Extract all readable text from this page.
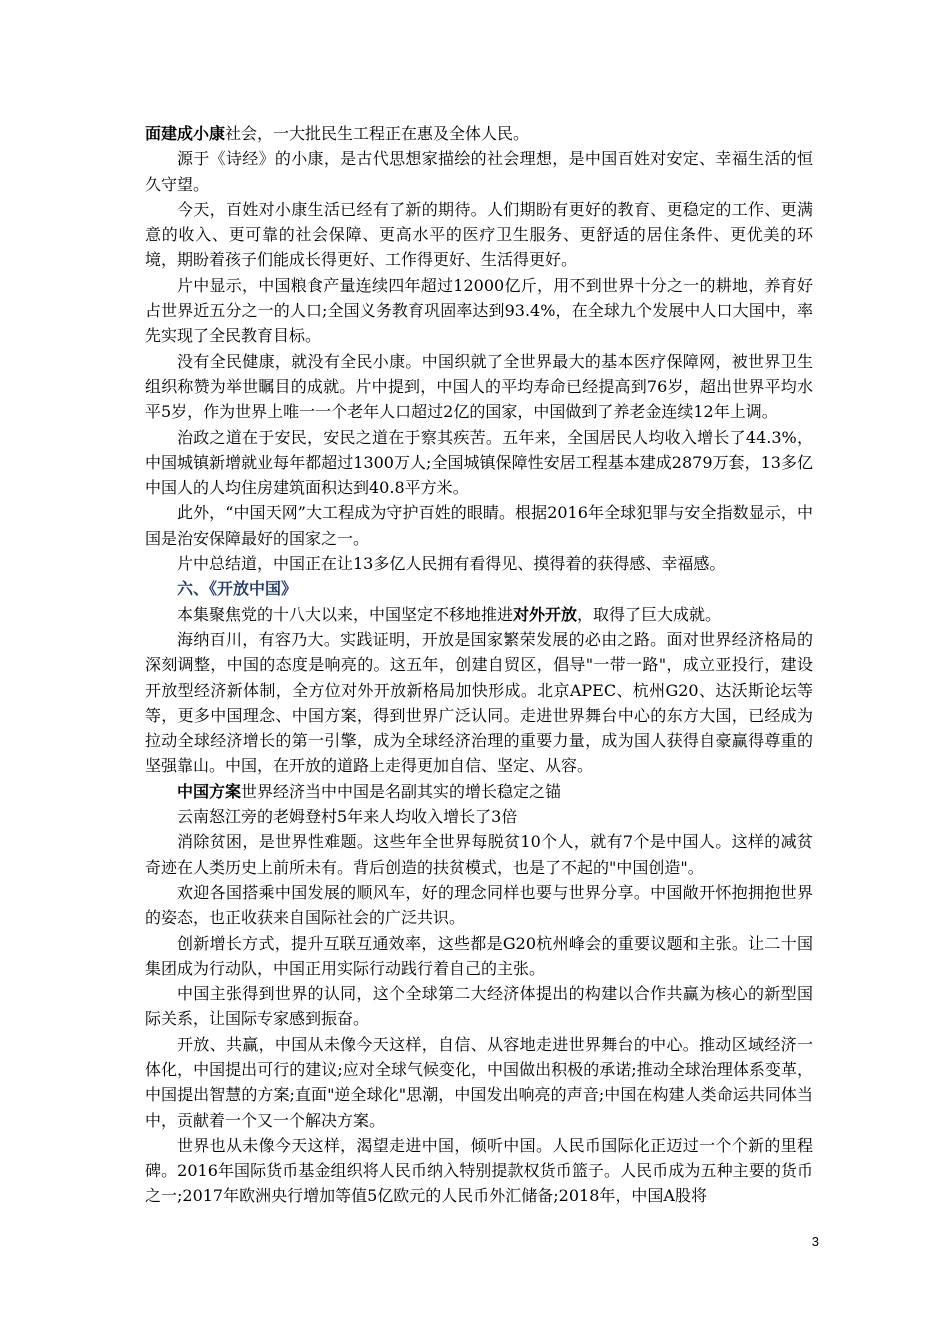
面建成小康社会，一大批民生工程正在惠及全体人民。

源于《诗经》的小康，是古代思想家描绘的社会理想，是中国百姓对安定、幸福生活的恒久守望。

今天，百姓对小康生活已经有了新的期待。人们期盼有更好的教育、更稳定的工作、更满意的收入、更可靠的社会保障、更高水平的医疗卫生服务、更舒适的居住条件、更优美的环境，期盼着孩子们能成长得更好、工作得更好、生活得更好。

片中显示，中国粮食产量连续四年超过12000亿斤，用不到世界十分之一的耕地，养育好占世界近五分之一的人口;全国义务教育巩固率达到93.4%，在全球九个发展中人口大国中，率先实现了全民教育目标。

没有全民健康，就没有全民小康。中国织就了全世界最大的基本医疗保障网，被世界卫生组织称赞为举世瞩目的成就。片中提到，中国人的平均寿命已经提高到76岁，超出世界平均水平5岁，作为世界上唯一一个老年人口超过2亿的国家，中国做到了养老金连续12年上调。

治政之道在于安民，安民之道在于察其疾苦。五年来，全国居民人均收入增长了44.3%，中国城镇新增就业每年都超过1300万人;全国城镇保障性安居工程基本建成2879万套，13多亿中国人的人均住房建筑面积达到40.8平方米。

此外，“中国天网”大工程成为守护百姓的眼睛。根据2016年全球犯罪与安全指数显示，中国是治安保障最好的国家之一。

片中总结道，中国正在让13多亿人民拥有看得见、摸得着的获得感、幸福感。

六、《开放中国》

本集聚焦党的十八大以来，中国坚定不移地推进对外开放，取得了巨大成就。

海纳百川，有容乃大。实践证明，开放是国家繁荣发展的必由之路。面对世界经济格局的深刻调整，中国的态度是响亮的。这五年，创建自贸区，倡导"一带一路"，成立亚投行，建设开放型经济新体制，全方位对外开放新格局加快形成。北京APEC、杭州G20、达沃斯论坛等等，更多中国理念、中国方案，得到世界广泛认同。走进世界舞台中心的东方大国，已经成为拉动全球经济增长的第一引擎，成为全球经济治理的重要力量，成为国人获得自豪赢得尊重的坚强靠山。中国，在开放的道路上走得更加自信、坚定、从容。

中国方案世界经济当中中国是名副其实的增长稳定之锚

云南怒江旁的老姆登村5年来人均收入增长了3倍

消除贫困，是世界性难题。这些年全世界每脱贫10个人，就有7个是中国人。这样的减贫奇迹在人类历史上前所未有。背后创造的扶贫模式，也是了不起的"中国创造"。

欢迎各国搭乘中国发展的顺风车，好的理念同样也要与世界分享。中国敞开怀抱拥抱世界的姿态，也正收获来自国际社会的广泛共识。

创新增长方式，提升互联互通效率，这些都是G20杭州峰会的重要议题和主张。让二十国集团成为行动队，中国正用实际行动践行着自己的主张。

中国主张得到世界的认同，这个全球第二大经济体提出的构建以合作共赢为核心的新型国际关系，让国际专家感到振奋。

开放、共赢，中国从未像今天这样，自信、从容地走进世界舞台的中心。推动区域经济一体化，中国提出可行的建议;应对全球气候变化，中国做出积极的承诺;推动全球治理体系变革，中国提出智慧的方案;直面"逆全球化"思潮，中国发出响亮的声音;中国在构建人类命运共同体当中，贡献着一个又一个解决方案。

世界也从未像今天这样，渴望走进中国，倾听中国。人民币国际化正迈过一个个新的里程碑。2016年国际货币基金组织将人民币纳入特别提款权货币篮子。人民币成为五种主要的货币之一;2017年欧洲央行增加等值5亿欧元的人民币外汇储备;2018年，中国A股将

3
